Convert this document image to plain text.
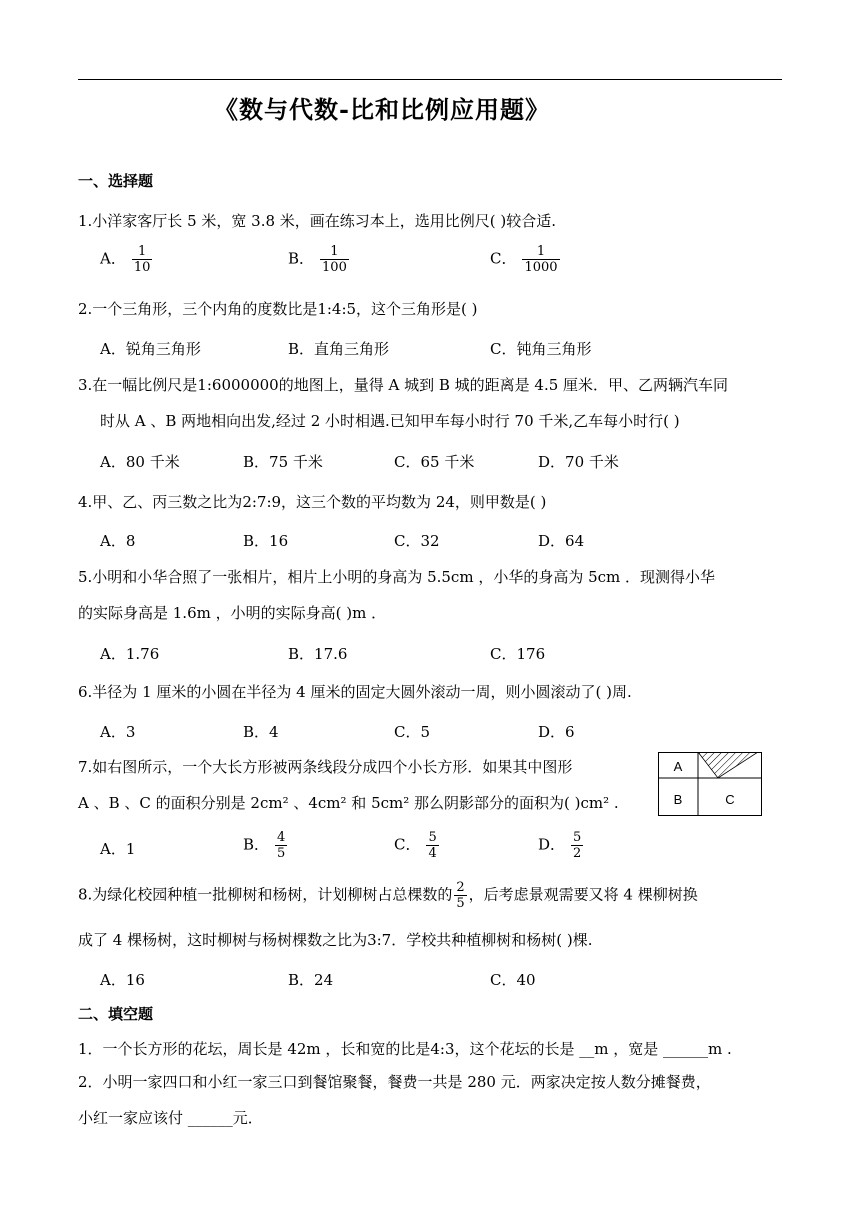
《数与代数-比和比例应用题》
一、选择题
1.小洋家客厅长 5 米，宽 3.8 米，画在练习本上，选用比例尺( )较合适.
A． $\frac{1}{10}$	B． $\frac{1}{100}$	C． $\frac{1}{1000}$
2.一个三角形，三个内角的度数比是1:4:5，这个三角形是( )
A．锐角三角形	B．直角三角形	C．钝角三角形
3.在一幅比例尺是1:6000000的地图上，量得 A 城到 B 城的距离是 4.5 厘米．甲、乙两辆汽车同
时从 A 、B 两地相向出发,经过 2 小时相遇.已知甲车每小时行 70 千米,乙车每小时行( )
A．80 千米	B．75 千米	C．65 千米	D．70 千米
4.甲、乙、丙三数之比为2:7:9，这三个数的平均数为 24，则甲数是( )
A．8	B．16	C．32	D．64
5.小明和小华合照了一张相片，相片上小明的身高为 5.5cm ，小华的身高为 5cm ．现测得小华
的实际身高是 1.6m ，小明的实际身高( )m ．
A．1.76	B．17.6	C．176
6.半径为 1 厘米的小圆在半径为 4 厘米的固定大圆外滚动一周，则小圆滚动了( )周.
A．3	B．4	C．5	D．6
7.如右图所示，一个大长方形被两条线段分成四个小长方形．如果其中图形
A 、B 、C 的面积分别是 2cm² 、4cm² 和 5cm² 那么阴影部分的面积为( )cm² .
A
B	C
A．1	B． $\frac{4}{5}$	C． $\frac{5}{4}$	D． $\frac{5}{2}$
8.为绿化校园种植一批柳树和杨树，计划柳树占总棵数的 $\frac{2}{5}$ ，后考虑景观需要又将 4 棵柳树换
成了 4 棵杨树，这时柳树与杨树棵数之比为3:7．学校共种植柳树和杨树( )棵.
A．16	B．24	C．40
二、填空题
1．一个长方形的花坛，周长是 42m ，长和宽的比是4:3，这个花坛的长是 __m ，宽是 ______m .
2．小明一家四口和小红一家三口到餐馆聚餐，餐费一共是 280 元．两家决定按人数分摊餐费，
小红一家应该付 ______元．
